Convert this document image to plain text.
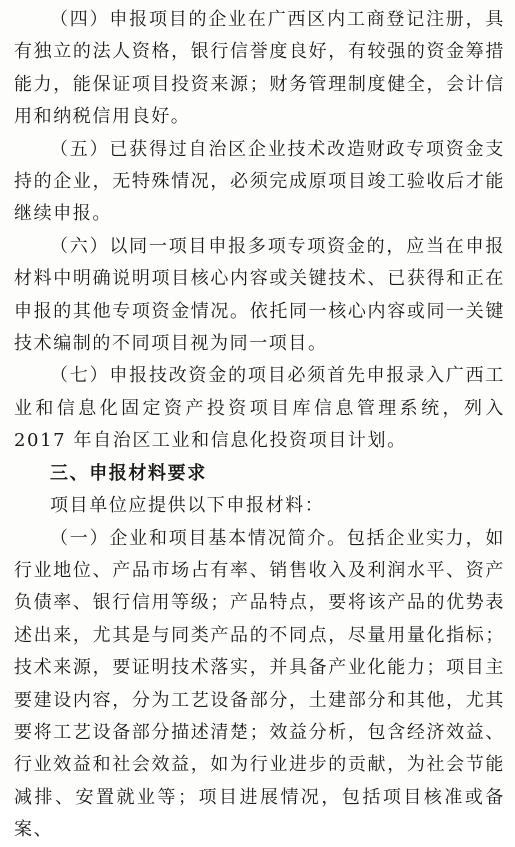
（四）申报项目的企业在广西区内工商登记注册，具有独立的法人资格，银行信誉度良好，有较强的资金筹措能力，能保证项目投资来源；财务管理制度健全，会计信用和纳税信用良好。

（五）已获得过自治区企业技术改造财政专项资金支持的企业，无特殊情况，必须完成原项目竣工验收后才能继续申报。

（六）以同一项目申报多项专项资金的，应当在申报材料中明确说明项目核心内容或关键技术、已获得和正在申报的其他专项资金情况。依托同一核心内容或同一关键技术编制的不同项目视为同一项目。

（七）申报技改资金的项目必须首先申报录入广西工业和信息化固定资产投资项目库信息管理系统，列入 2017 年自治区工业和信息化投资项目计划。

三、申报材料要求

项目单位应提供以下申报材料：

（一）企业和项目基本情况简介。包括企业实力，如行业地位、产品市场占有率、销售收入及利润水平、资产负债率、银行信用等级；产品特点，要将该产品的优势表述出来，尤其是与同类产品的不同点，尽量用量化指标；技术来源，要证明技术落实，并具备产业化能力；项目主要建设内容，分为工艺设备部分，土建部分和其他，尤其要将工艺设备部分描述清楚；效益分析，包含经济效益、行业效益和社会效益，如为行业进步的贡献，为社会节能减排、安置就业等；项目进展情况，包括项目核准或备案、
